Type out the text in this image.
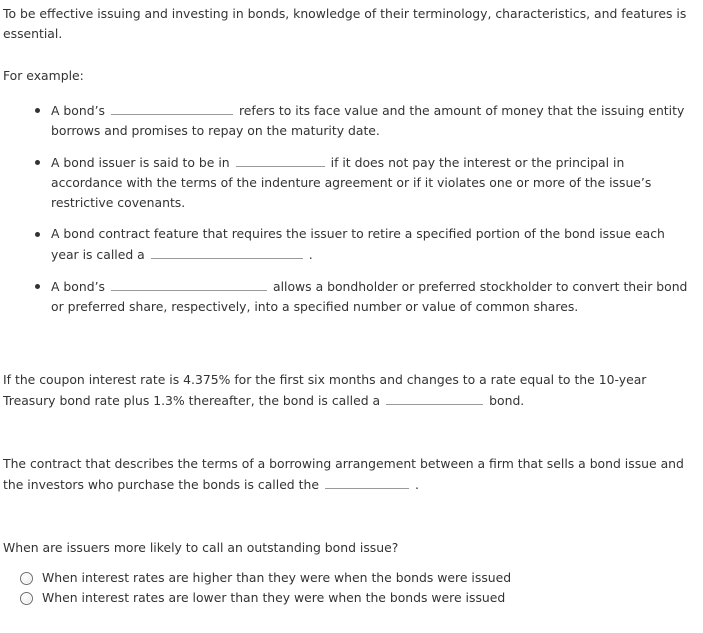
To be effective issuing and investing in bonds, knowledge of their terminology, characteristics, and features is essential.

For example:

A bond’s	refers to its face value and the amount of money that the issuing entity borrows and promises to repay on the maturity date.
A bond issuer is said to be in	if it does not pay the interest or the principal in accordance with the terms of the indenture agreement or if it violates one or more of the issue’s restrictive covenants.
A bond contract feature that requires the issuer to retire a specified portion of the bond issue each year is called a	.
A bond’s	allows a bondholder or preferred stockholder to convert their bond or preferred share, respectively, into a specified number or value of common shares.

If the coupon interest rate is 4.375% for the first six months and changes to a rate equal to the 10-year Treasury bond rate plus 1.3% thereafter, the bond is called a	bond.

The contract that describes the terms of a borrowing arrangement between a firm that sells a bond issue and the investors who purchase the bonds is called the	.

When are issuers more likely to call an outstanding bond issue?

When interest rates are higher than they were when the bonds were issued
When interest rates are lower than they were when the bonds were issued
